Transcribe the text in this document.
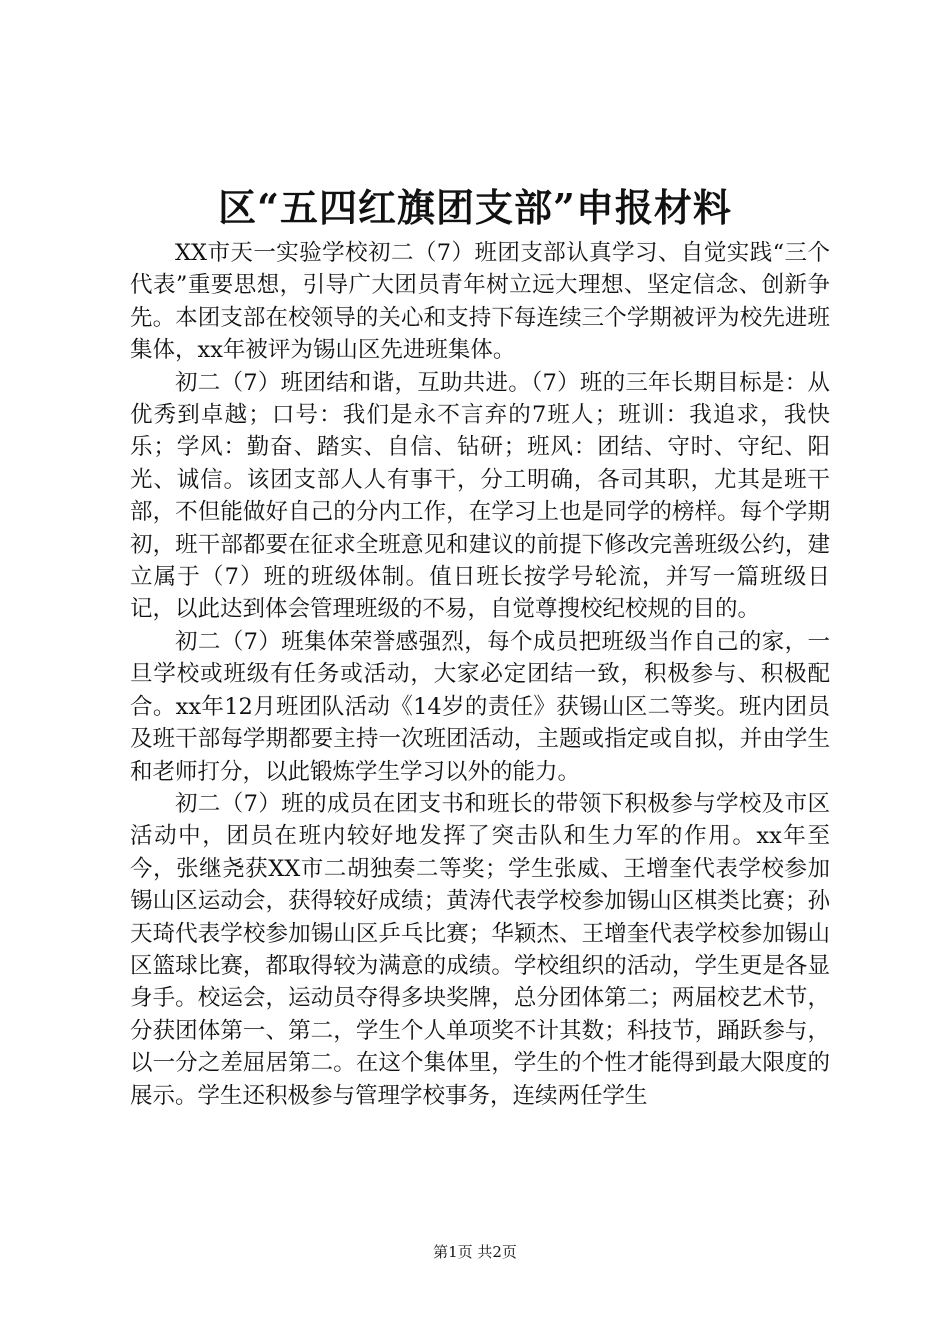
区“五四红旗团支部”申报材料

XX市天一实验学校初二（7）班团支部认真学习、自觉实践“三个代表”重要思想，引导广大团员青年树立远大理想、坚定信念、创新争先。本团支部在校领导的关心和支持下每连续三个学期被评为校先进班集体，xx年被评为锡山区先进班集体。

初二（7）班团结和谐，互助共进。（7）班的三年长期目标是：从优秀到卓越；口号：我们是永不言弃的7班人；班训：我追求，我快乐；学风：勤奋、踏实、自信、钻研；班风：团结、守时、守纪、阳光、诚信。该团支部人人有事干，分工明确，各司其职，尤其是班干部，不但能做好自己的分内工作，在学习上也是同学的榜样。每个学期初，班干部都要在征求全班意见和建议的前提下修改完善班级公约，建立属于（7）班的班级体制。值日班长按学号轮流，并写一篇班级日记，以此达到体会管理班级的不易，自觉尊搜校纪校规的目的。

初二（7）班集体荣誉感强烈，每个成员把班级当作自己的家，一旦学校或班级有任务或活动，大家必定团结一致，积极参与、积极配合。xx年12月班团队活动《14岁的责任》获锡山区二等奖。班内团员及班干部每学期都要主持一次班团活动，主题或指定或自拟，并由学生和老师打分，以此锻炼学生学习以外的能力。

初二（7）班的成员在团支书和班长的带领下积极参与学校及市区活动中，团员在班内较好地发挥了突击队和生力军的作用。xx年至今，张继尧获XX市二胡独奏二等奖；学生张威、王增奎代表学校参加锡山区运动会，获得较好成绩；黄涛代表学校参加锡山区棋类比赛；孙天琦代表学校参加锡山区乒乓比赛；华颖杰、王增奎代表学校参加锡山区篮球比赛，都取得较为满意的成绩。学校组织的活动，学生更是各显身手。校运会，运动员夺得多块奖牌，总分团体第二；两届校艺术节，分获团体第一、第二，学生个人单项奖不计其数；科技节，踊跃参与，以一分之差屈居第二。在这个集体里，学生的个性才能得到最大限度的展示。学生还积极参与管理学校事务，连续两任学生

第1页 共2页
